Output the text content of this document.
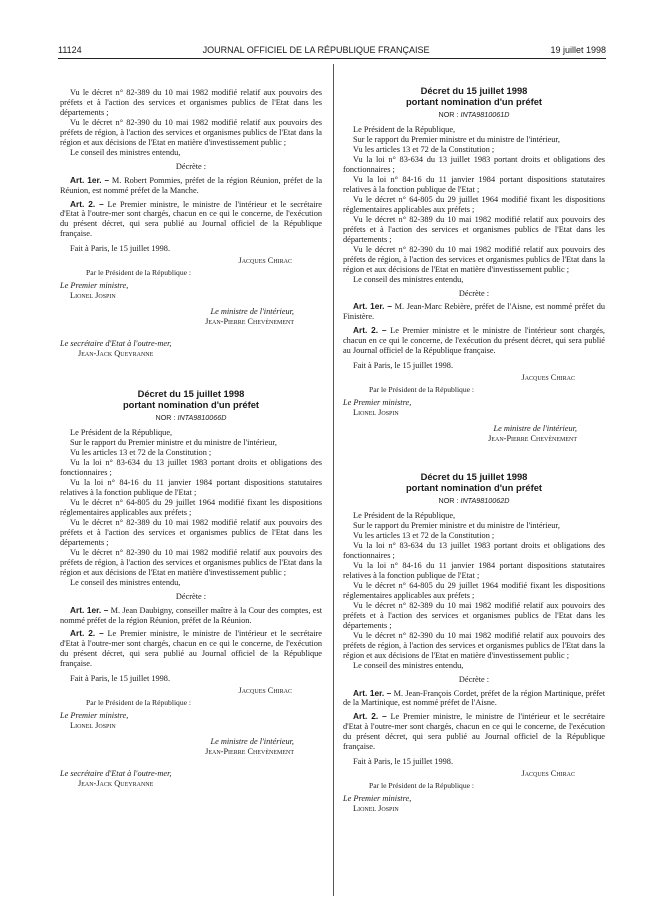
11124	JOURNAL OFFICIEL DE LA RÉPUBLIQUE FRANÇAISE	19 juillet 1998

Vu le décret n° 82-389 du 10 mai 1982 modifié relatif aux pouvoirs des préfets et à l'action des services et organismes publics de l'Etat dans les départements ;

Vu le décret n° 82-390 du 10 mai 1982 modifié relatif aux pouvoirs des préfets de région, à l'action des services et organismes publics de l'Etat dans la région et aux décisions de l'Etat en matière d'investissement public ;

Le conseil des ministres entendu,

Décrète :

Art. 1er. – M. Robert Pommies, préfet de la région Réunion, préfet de la Réunion, est nommé préfet de la Manche.

Art. 2. – Le Premier ministre, le ministre de l'intérieur et le secrétaire d'Etat à l'outre-mer sont chargés, chacun en ce qui le concerne, de l'exécution du présent décret, qui sera publié au Journal officiel de la République française.

Fait à Paris, le 15 juillet 1998.
Jacques Chirac
Par le Président de la République :
Le Premier ministre,
Lionel Jospin
Le ministre de l'intérieur,
Jean-Pierre Chevènement
Le secrétaire d'Etat à l'outre-mer,
Jean-Jack Queyranne
Décret du 15 juillet 1998
portant nomination d'un préfet
NOR : INTA9810066D

Le Président de la République,

Sur le rapport du Premier ministre et du ministre de l'intérieur,

Vu les articles 13 et 72 de la Constitution ;

Vu la loi n° 83-634 du 13 juillet 1983 portant droits et obligations des fonctionnaires ;

Vu la loi n° 84-16 du 11 janvier 1984 portant dispositions statutaires relatives à la fonction publique de l'Etat ;

Vu le décret n° 64-805 du 29 juillet 1964 modifié fixant les dispositions réglementaires applicables aux préfets ;

Vu le décret n° 82-389 du 10 mai 1982 modifié relatif aux pouvoirs des préfets et à l'action des services et organismes publics de l'Etat dans les départements ;

Vu le décret n° 82-390 du 10 mai 1982 modifié relatif aux pouvoirs des préfets de région, à l'action des services et organismes publics de l'Etat dans la région et aux décisions de l'Etat en matière d'investissement public ;

Le conseil des ministres entendu,

Décrète :

Art. 1er. – M. Jean Daubigny, conseiller maître à la Cour des comptes, est nommé préfet de la région Réunion, préfet de la Réunion.

Art. 2. – Le Premier ministre, le ministre de l'intérieur et le secrétaire d'Etat à l'outre-mer sont chargés, chacun en ce qui le concerne, de l'exécution du présent décret, qui sera publié au Journal officiel de la République française.

Fait à Paris, le 15 juillet 1998.
Jacques Chirac
Par le Président de la République :
Le Premier ministre,
Lionel Jospin
Le ministre de l'intérieur,
Jean-Pierre Chevènement
Le secrétaire d'Etat à l'outre-mer,
Jean-Jack Queyranne
Décret du 15 juillet 1998
portant nomination d'un préfet
NOR : INTA9810061D

Le Président de la République,

Sur le rapport du Premier ministre et du ministre de l'intérieur,

Vu les articles 13 et 72 de la Constitution ;

Vu la loi n° 83-634 du 13 juillet 1983 portant droits et obligations des fonctionnaires ;

Vu la loi n° 84-16 du 11 janvier 1984 portant dispositions statutaires relatives à la fonction publique de l'Etat ;

Vu le décret n° 64-805 du 29 juillet 1964 modifié fixant les dispositions réglementaires applicables aux préfets ;

Vu le décret n° 82-389 du 10 mai 1982 modifié relatif aux pouvoirs des préfets et à l'action des services et organismes publics de l'Etat dans les départements ;

Vu le décret n° 82-390 du 10 mai 1982 modifié relatif aux pouvoirs des préfets de région, à l'action des services et organismes publics de l'Etat dans la région et aux décisions de l'Etat en matière d'investissement public ;

Le conseil des ministres entendu,

Décrète :

Art. 1er. – M. Jean-Marc Rebière, préfet de l'Aisne, est nommé préfet du Finistère.

Art. 2. – Le Premier ministre et le ministre de l'intérieur sont chargés, chacun en ce qui le concerne, de l'exécution du présent décret, qui sera publié au Journal officiel de la République française.

Fait à Paris, le 15 juillet 1998.
Jacques Chirac
Par le Président de la République :
Le Premier ministre,
Lionel Jospin
Le ministre de l'intérieur,
Jean-Pierre Chevènement
Décret du 15 juillet 1998
portant nomination d'un préfet
NOR : INTA9810062D

Le Président de la République,

Sur le rapport du Premier ministre et du ministre de l'intérieur,

Vu les articles 13 et 72 de la Constitution ;

Vu la loi n° 83-634 du 13 juillet 1983 portant droits et obligations des fonctionnaires ;

Vu la loi n° 84-16 du 11 janvier 1984 portant dispositions statutaires relatives à la fonction publique de l'Etat ;

Vu le décret n° 64-805 du 29 juillet 1964 modifié fixant les dispositions réglementaires applicables aux préfets ;

Vu le décret n° 82-389 du 10 mai 1982 modifié relatif aux pouvoirs des préfets et à l'action des services et organismes publics de l'Etat dans les départements ;

Vu le décret n° 82-390 du 10 mai 1982 modifié relatif aux pouvoirs des préfets de région, à l'action des services et organismes publics de l'Etat dans la région et aux décisions de l'Etat en matière d'investissement public ;

Le conseil des ministres entendu,

Décrète :

Art. 1er. – M. Jean-François Cordet, préfet de la région Martinique, préfet de la Martinique, est nommé préfet de l'Aisne.

Art. 2. – Le Premier ministre, le ministre de l'intérieur et le secrétaire d'Etat à l'outre-mer sont chargés, chacun en ce qui le concerne, de l'exécution du présent décret, qui sera publié au Journal officiel de la République française.

Fait à Paris, le 15 juillet 1998.
Jacques Chirac
Par le Président de la République :
Le Premier ministre,
Lionel Jospin
